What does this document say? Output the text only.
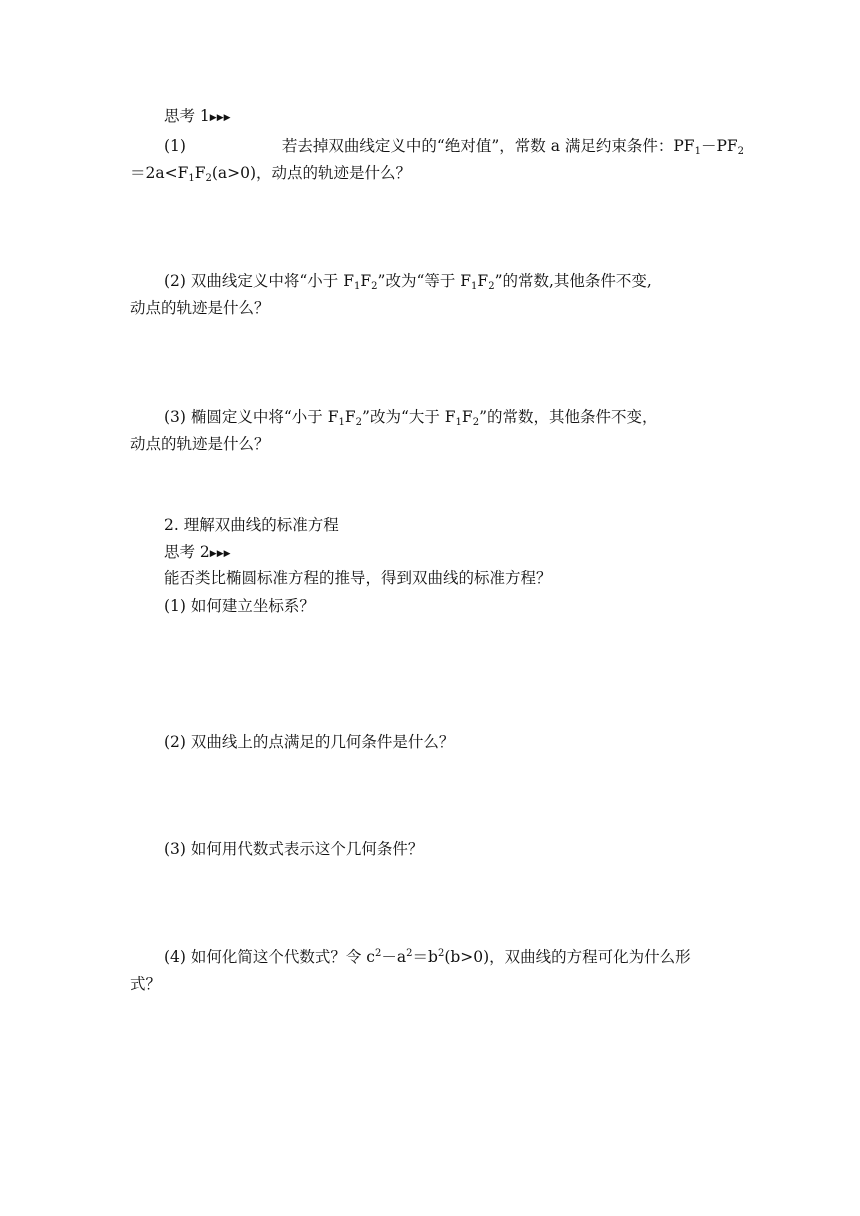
思考 1▶▶▶
(1)	若去掉双曲线定义中的“绝对值”，常数 a 满足约束条件：$PF_1-PF_2$
$=2a<F_1F_2(a>0)$，动点的轨迹是什么？
(2) 双曲线定义中将“小于 $F_1F_2$”改为“等于 $F_1F_2$”的常数,其他条件不变,
动点的轨迹是什么？
(3) 椭圆定义中将“小于 $F_1F_2$”改为“大于 $F_1F_2$”的常数，其他条件不变，
动点的轨迹是什么？
2. 理解双曲线的标准方程
思考 2▶▶▶
能否类比椭圆标准方程的推导，得到双曲线的标准方程？
(1) 如何建立坐标系？
(2) 双曲线上的点满足的几何条件是什么？
(3) 如何用代数式表示这个几何条件？
(4) 如何化简这个代数式？令 $c^2-a^2=b^2(b>0)$，双曲线的方程可化为什么形
式？
